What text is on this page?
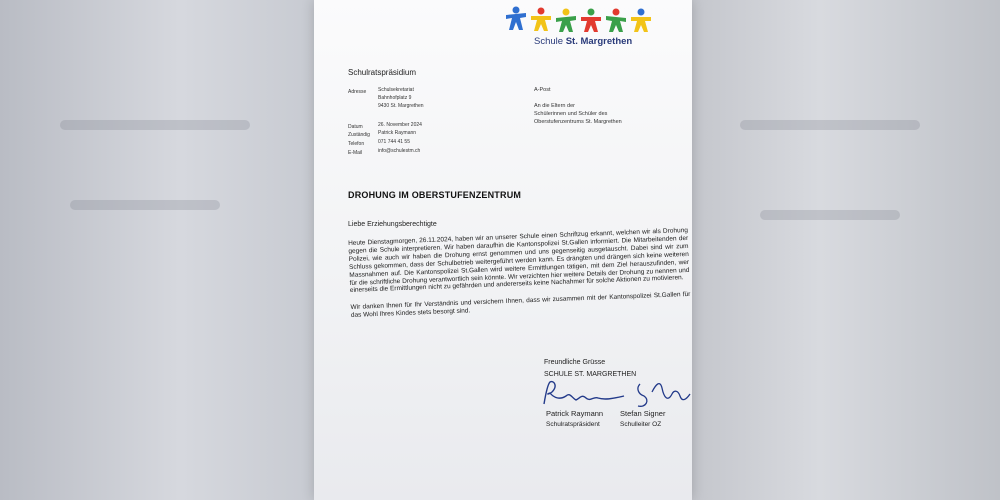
Schule St. Margrethen
Schulratspräsidium
Adresse Schulsekretariat
Bahnhofplatz 9
9430 St. Margrethen
Datum	26. November 2024
Zuständig Patrick Raymann
Telefon	071 744 41 55
E-Mail	info@schulestm.ch
A-Post
An die Eltern der
Schülerinnen und Schüler des
Oberstufenzentrums St. Margrethen
DROHUNG IM OBERSTUFENZENTRUM
Liebe Erziehungsberechtigte

Heute Dienstagmorgen, 26.11.2024, haben wir an unserer Schule einen Schriftzug erkannt, welchen wir als Drohung gegen die Schule interpretieren. Wir haben daraufhin die Kantonspolizei St.Gallen informiert. Die Mitarbeitenden der Polizei, wie auch wir haben die Drohung ernst genommen und uns gegenseitig ausgetauscht. Dabei sind wir zum Schluss gekommen, dass der Schulbetrieb weitergeführt werden kann. Es drängten und drängen sich keine weiteren Massnahmen auf. Die Kantonspolizei St.Gallen wird weitere Ermittlungen tätigen, mit dem Ziel herauszufinden, wer für die schriftliche Drohung verantwortlich sein könnte. Wir verzichten hier weitere Details der Drohung zu nennen und einerseits die Ermittlungen nicht zu gefährden und andererseits keine Nachahmer für solche Aktionen zu motivieren.

Wir danken Ihnen für Ihr Verständnis und versichern Ihnen, dass wir zusammen mit der Kantonspolizei St.Gallen für das Wohl Ihres Kindes stets besorgt sind.

Freundliche Grüsse
SCHULE ST. MARGRETHEN
Patrick Raymann
Schulratspräsident
Stefan Signer
Schulleiter OZ
